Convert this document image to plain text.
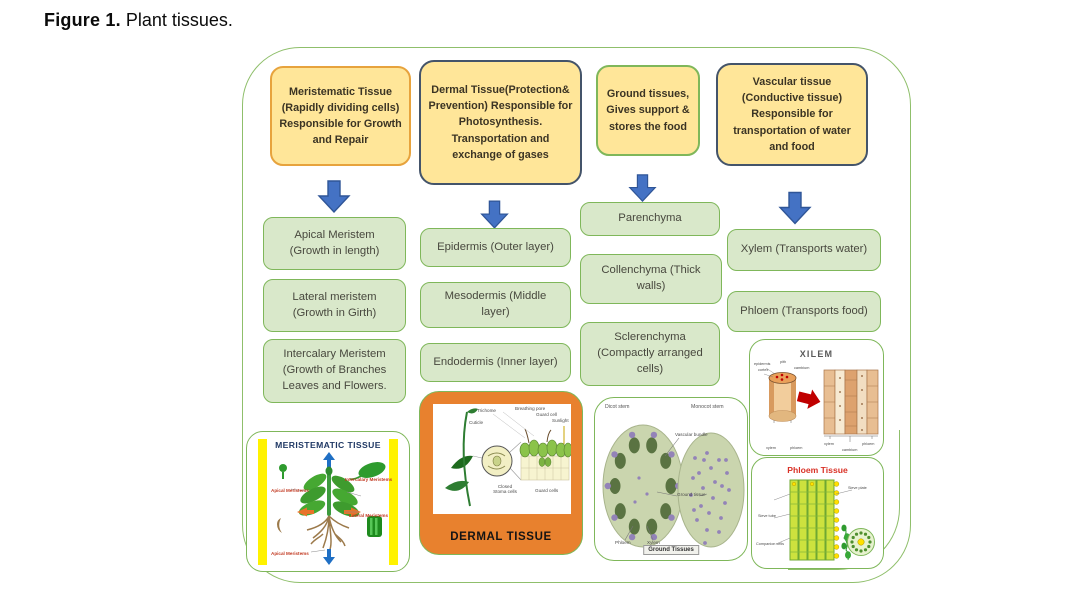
Figure 1. Plant tissues.
Meristematic Tissue (Rapidly dividing cells) Responsible for Growth and Repair
Apical Meristem (Growth in length)
Lateral meristem (Growth in Girth)
Intercalary Meristem (Growth of Branches Leaves and Flowers.
MERISTEMATIC TISSUE
Apical Meristems
Intercalary Meristems
Lateral Meristems
Apical Meristems
Dermal Tissue(Protection& Prevention) Responsible for Photosynthesis. Transportation and exchange of gases
Epidermis (Outer layer)
Mesodermis (Middle layer)
Endodermis (Inner layer)
Trichome
Cuticle
Breathing pore
Guard cell
Sunlight
Closed Stoma cells	Guard cells
DERMAL TISSUE
Ground tissues, Gives support & stores the food
Parenchyma
Collenchyma (Thick walls)
Sclerenchyma (Compactly arranged cells)
Dicot stem	Monocot stem
Vascular bundle
Ground tissue
Phloem	Xylem
Ground Tissues
Vascular tissue (Conductive tissue) Responsible for transportation of water and food
Xylem (Transports water)
Phloem (Transports food)
XILEM
epidermis
cortex
pith
cambium
xylem	phloem
xylem
cambium
phloem
Phloem Tissue
Sieve plate
Sieve tube
Companion cells
